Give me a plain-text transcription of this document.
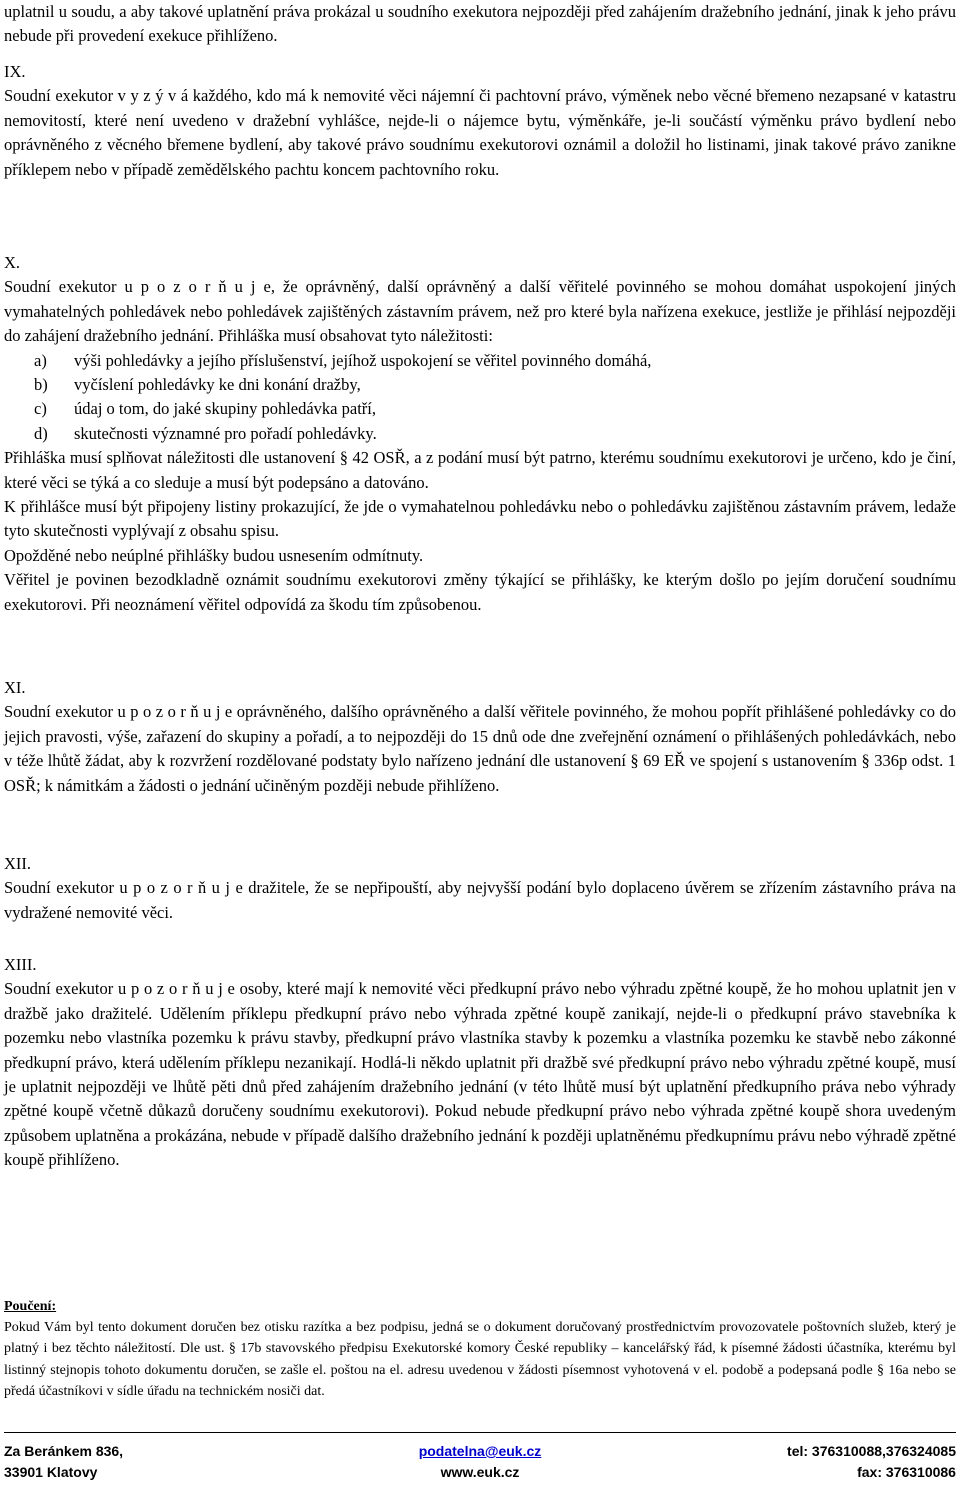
uplatnil u soudu, a aby takové uplatnění práva prokázal u soudního exekutora nejpozději před zahájením dražebního jednání, jinak k jeho právu nebude při provedení exekuce přihlíženo.

IX.

Soudní exekutor v y z ý v á každého, kdo má k nemovité věci nájemní či pachtovní právo, výměnek nebo věcné břemeno nezapsané v katastru nemovitostí, které není uvedeno v dražební vyhlášce, nejde-li o nájemce bytu, výměnkáře, je-li součástí výměnku právo bydlení nebo oprávněného z věcného břemene bydlení, aby takové právo soudnímu exekutorovi oznámil a doložil ho listinami, jinak takové právo zanikne příklepem nebo v případě zemědělského pachtu koncem pachtovního roku.

X.

Soudní exekutor u p o z o r ň u j e, že oprávněný, další oprávněný a další věřitelé povinného se mohou domáhat uspokojení jiných vymahatelných pohledávek nebo pohledávek zajištěných zástavním právem, než pro které byla nařízena exekuce, jestliže je přihlásí nejpozději do zahájení dražebního jednání. Přihláška musí obsahovat tyto náležitosti:

a)	výši pohledávky a jejího příslušenství, jejíhož uspokojení se věřitel povinného domáhá,
b)	vyčíslení pohledávky ke dni konání dražby,
c)	údaj o tom, do jaké skupiny pohledávka patří,
d)	skutečnosti významné pro pořadí pohledávky.

Přihláška musí splňovat náležitosti dle ustanovení § 42 OSŘ, a z podání musí být patrno, kterému soudnímu exekutorovi je určeno, kdo je činí, které věci se týká a co sleduje a musí být podepsáno a datováno.

K přihlášce musí být připojeny listiny prokazující, že jde o vymahatelnou pohledávku nebo o pohledávku zajištěnou zástavním právem, ledaže tyto skutečnosti vyplývají z obsahu spisu.

Opožděné nebo neúplné přihlášky budou usnesením odmítnuty.

Věřitel je povinen bezodkladně oznámit soudnímu exekutorovi změny týkající se přihlášky, ke kterým došlo po jejím doručení soudnímu exekutorovi. Při neoznámení věřitel odpovídá za škodu tím způsobenou.

XI.

Soudní exekutor u p o z o r ň u j e oprávněného, dalšího oprávněného a další věřitele povinného, že mohou popřít přihlášené pohledávky co do jejich pravosti, výše, zařazení do skupiny a pořadí, a to nejpozději do 15 dnů ode dne zveřejnění oznámení o přihlášených pohledávkách, nebo v téže lhůtě žádat, aby k rozvržení rozdělované podstaty bylo nařízeno jednání dle ustanovení § 69 EŘ ve spojení s ustanovením § 336p odst. 1 OSŘ; k námitkám a žádosti o jednání učiněným později nebude přihlíženo.

XII.

Soudní exekutor u p o z o r ň u j e dražitele, že se nepřipouští, aby nejvyšší podání bylo doplaceno úvěrem se zřízením zástavního práva na vydražené nemovité věci.

XIII.

Soudní exekutor u p o z o r ň u j e osoby, které mají k nemovité věci předkupní právo nebo výhradu zpětné koupě, že ho mohou uplatnit jen v dražbě jako dražitelé. Udělením příklepu předkupní právo nebo výhrada zpětné koupě zanikají, nejde-li o předkupní právo stavebníka k pozemku nebo vlastníka pozemku k právu stavby, předkupní právo vlastníka stavby k pozemku a vlastníka pozemku ke stavbě nebo zákonné předkupní právo, která udělením příklepu nezanikají. Hodlá-li někdo uplatnit při dražbě své předkupní právo nebo výhradu zpětné koupě, musí je uplatnit nejpozději ve lhůtě pěti dnů před zahájením dražebního jednání (v této lhůtě musí být uplatnění předkupního práva nebo výhrady zpětné koupě včetně důkazů doručeny soudnímu exekutorovi). Pokud nebude předkupní právo nebo výhrada zpětné koupě shora uvedeným způsobem uplatněna a prokázána, nebude v případě dalšího dražebního jednání k později uplatněnému předkupnímu právu nebo výhradě zpětné koupě přihlíženo.

Poučení:

Pokud Vám byl tento dokument doručen bez otisku razítka a bez podpisu, jedná se o dokument doručovaný prostřednictvím provozovatele poštovních služeb, který je platný i bez těchto náležitostí. Dle ust. § 17b stavovského předpisu Exekutorské komory České republiky – kancelářský řád, k písemné žádosti účastníka, kterému byl listinný stejnopis tohoto dokumentu doručen, se zašle el. poštou na el. adresu uvedenou v žádosti písemnost vyhotovená v el. podobě a podepsaná podle § 16a nebo se předá účastníkovi v sídle úřadu na technickém nosiči dat.

Za Beránkem 836,	podatelna@euk.cz	tel: 376310088,376324085
33901 Klatovy	www.euk.cz	fax: 376310086
